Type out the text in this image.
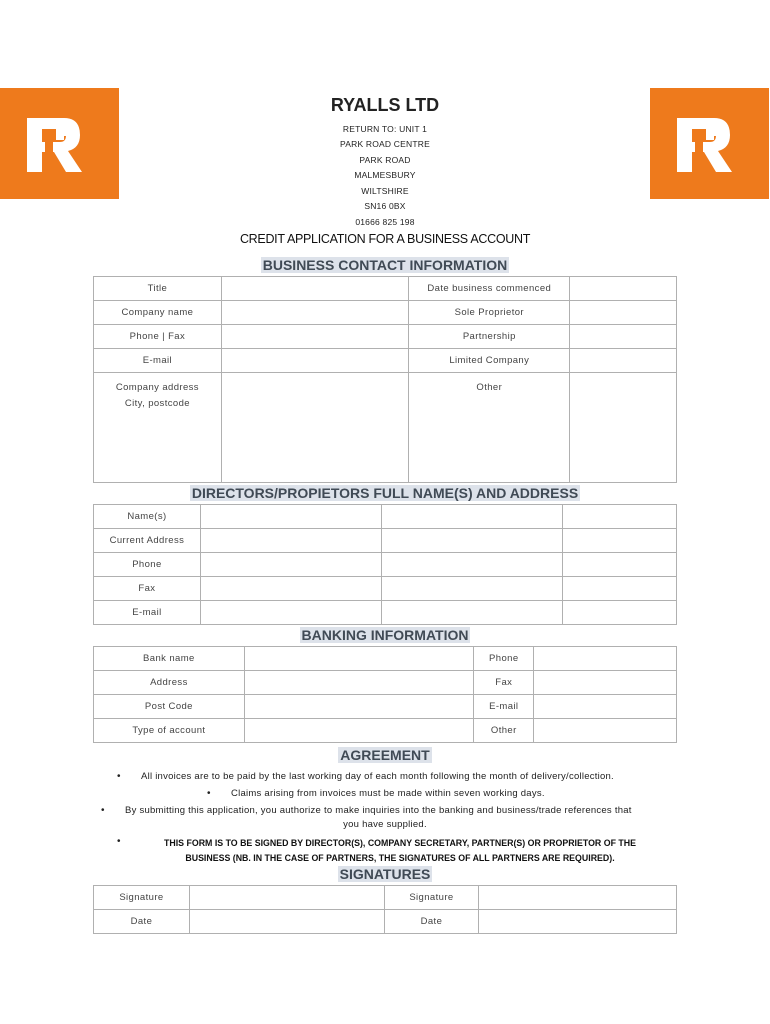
RYALLS LTD
RETURN TO: UNIT 1
PARK ROAD CENTRE
PARK ROAD
MALMESBURY
WILTSHIRE
SN16 0BX
01666 825 198
CREDIT APPLICATION FOR A BUSINESS ACCOUNT
BUSINESS CONTACT INFORMATION
Title		Date business commenced	
Company name		Sole Proprietor	
Phone | Fax		Partnership	
E-mail		Limited Company	

Company address
City, postcode		Other	
DIRECTORS/PROPIETORS FULL NAME(S) AND ADDRESS
Name(s)			
Current Address			
Phone			
Fax			
E-mail			
BANKING INFORMATION
Bank name		Phone	
Address		Fax	
Post Code		E-mail	
Type of account		Other	
AGREEMENT
• All invoices are to be paid by the last working day of each month following the month of delivery/collection.
• Claims arising from invoices must be made within seven working days.
• By submitting this application, you authorize to make inquiries into the banking and business/trade references that
you have supplied.
•	THIS FORM IS TO BE SIGNED BY DIRECTOR(S), COMPANY SECRETARY, PARTNER(S) OR PROPRIETOR OF THE
BUSINESS (NB. IN THE CASE OF PARTNERS, THE SIGNATURES OF ALL PARTNERS ARE REQUIRED).
SIGNATURES
Signature		Signature	
Date		Date	
